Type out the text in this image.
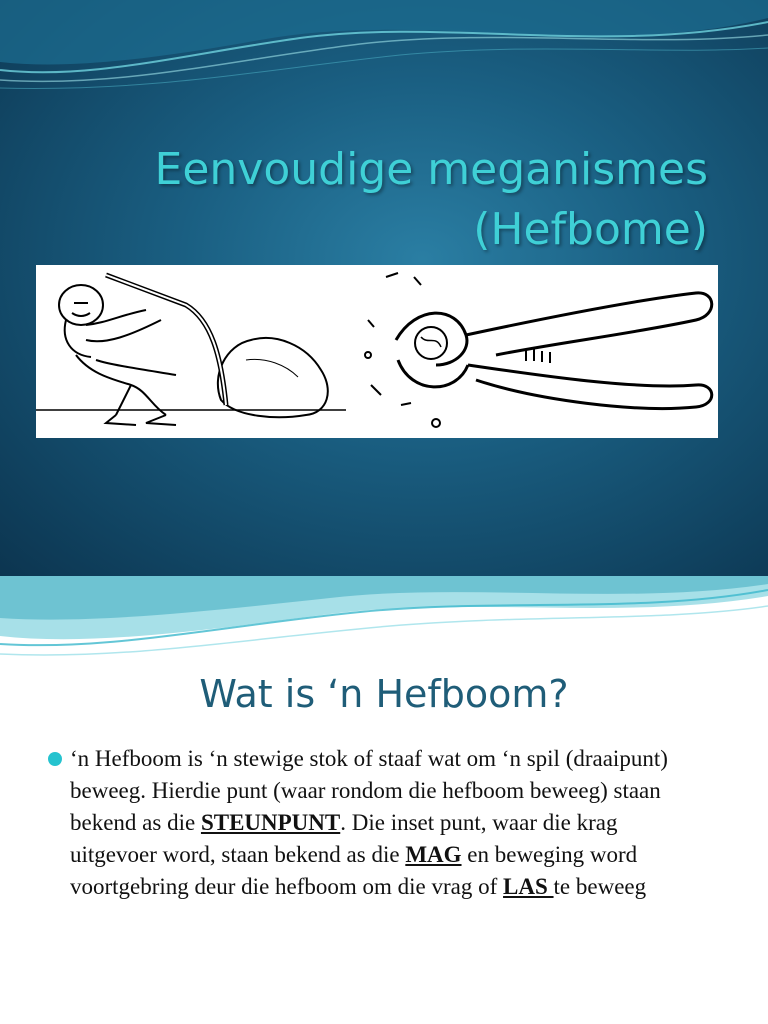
Eenvoudige meganismes
(Hefbome)
Wat is ‘n Hefboom?
‘n Hefboom is ‘n stewige stok of staaf wat om ‘n spil (draaipunt) beweeg. Hierdie punt (waar rondom die hefboom beweeg) staan bekend as die STEUNPUNT. Die inset punt, waar die krag uitgevoer word, staan bekend as die MAG en beweging word voortgebring deur die hefboom om die vrag of LAS te beweeg
